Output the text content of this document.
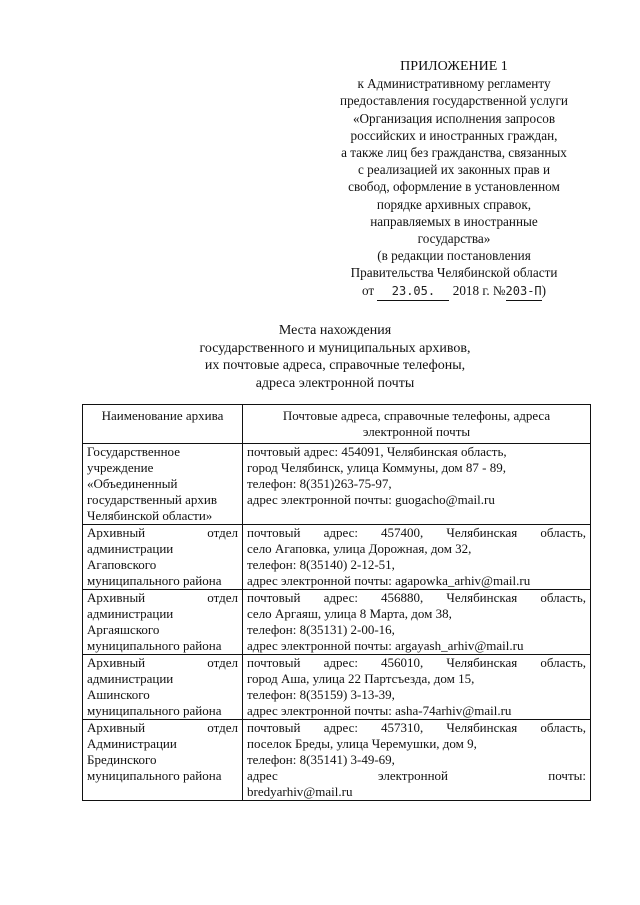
ПРИЛОЖЕНИЕ 1
к Административному регламенту
предоставления государственной услуги
«Организация исполнения запросов
российских и иностранных граждан,
а также лиц без гражданства, связанных
с реализацией их законных прав и
свобод, оформление в установленном
порядке архивных справок,
направляемых в иностранные
государства»
(в редакции постановления
Правительства Челябинской области
от 23.05. 2018 г. №203-П)
Места нахождения
государственного и муниципальных архивов,
их почтовые адреса, справочные телефоны,
адреса электронной почты
Наименование архива	Почтовые адреса, справочные телефоны, адреса электронной почты

Государственное
учреждение
«Объединенный
государственный архив
Челябинской области»	почтовый адрес: 454091, Челябинская область,
город Челябинск, улица Коммуны, дом 87 - 89,
телефон: 8(351)263-75-97,
адрес электронной почты: guogacho@mail.ru

Архивный отдел
администрации
Агаповского
муниципального района	почтовый адрес: 457400, Челябинская область,
село Агаповка, улица Дорожная, дом 32,
телефон: 8(35140) 2-12-51,
адрес электронной почты: agapowka_arhiv@mail.ru

Архивный отдел
администрации
Аргаяшского
муниципального района	почтовый адрес: 456880, Челябинская область,
село Аргаяш, улица 8 Марта, дом 38,
телефон: 8(35131) 2-00-16,
адрес электронной почты: argayash_arhiv@mail.ru

Архивный отдел
администрации
Ашинского
муниципального района	почтовый адрес: 456010, Челябинская область,
город Аша, улица 22 Партсъезда, дом 15,
телефон: 8(35159) 3-13-39,
адрес электронной почты: asha-74arhiv@mail.ru

Архивный отдел
Администрации
Брединского
муниципального района	почтовый адрес: 457310, Челябинская область,
поселок Бреды, улица Черемушки, дом 9,
телефон: 8(35141) 3-49-69,
адрес электронной почты:
bredyarhiv@mail.ru
